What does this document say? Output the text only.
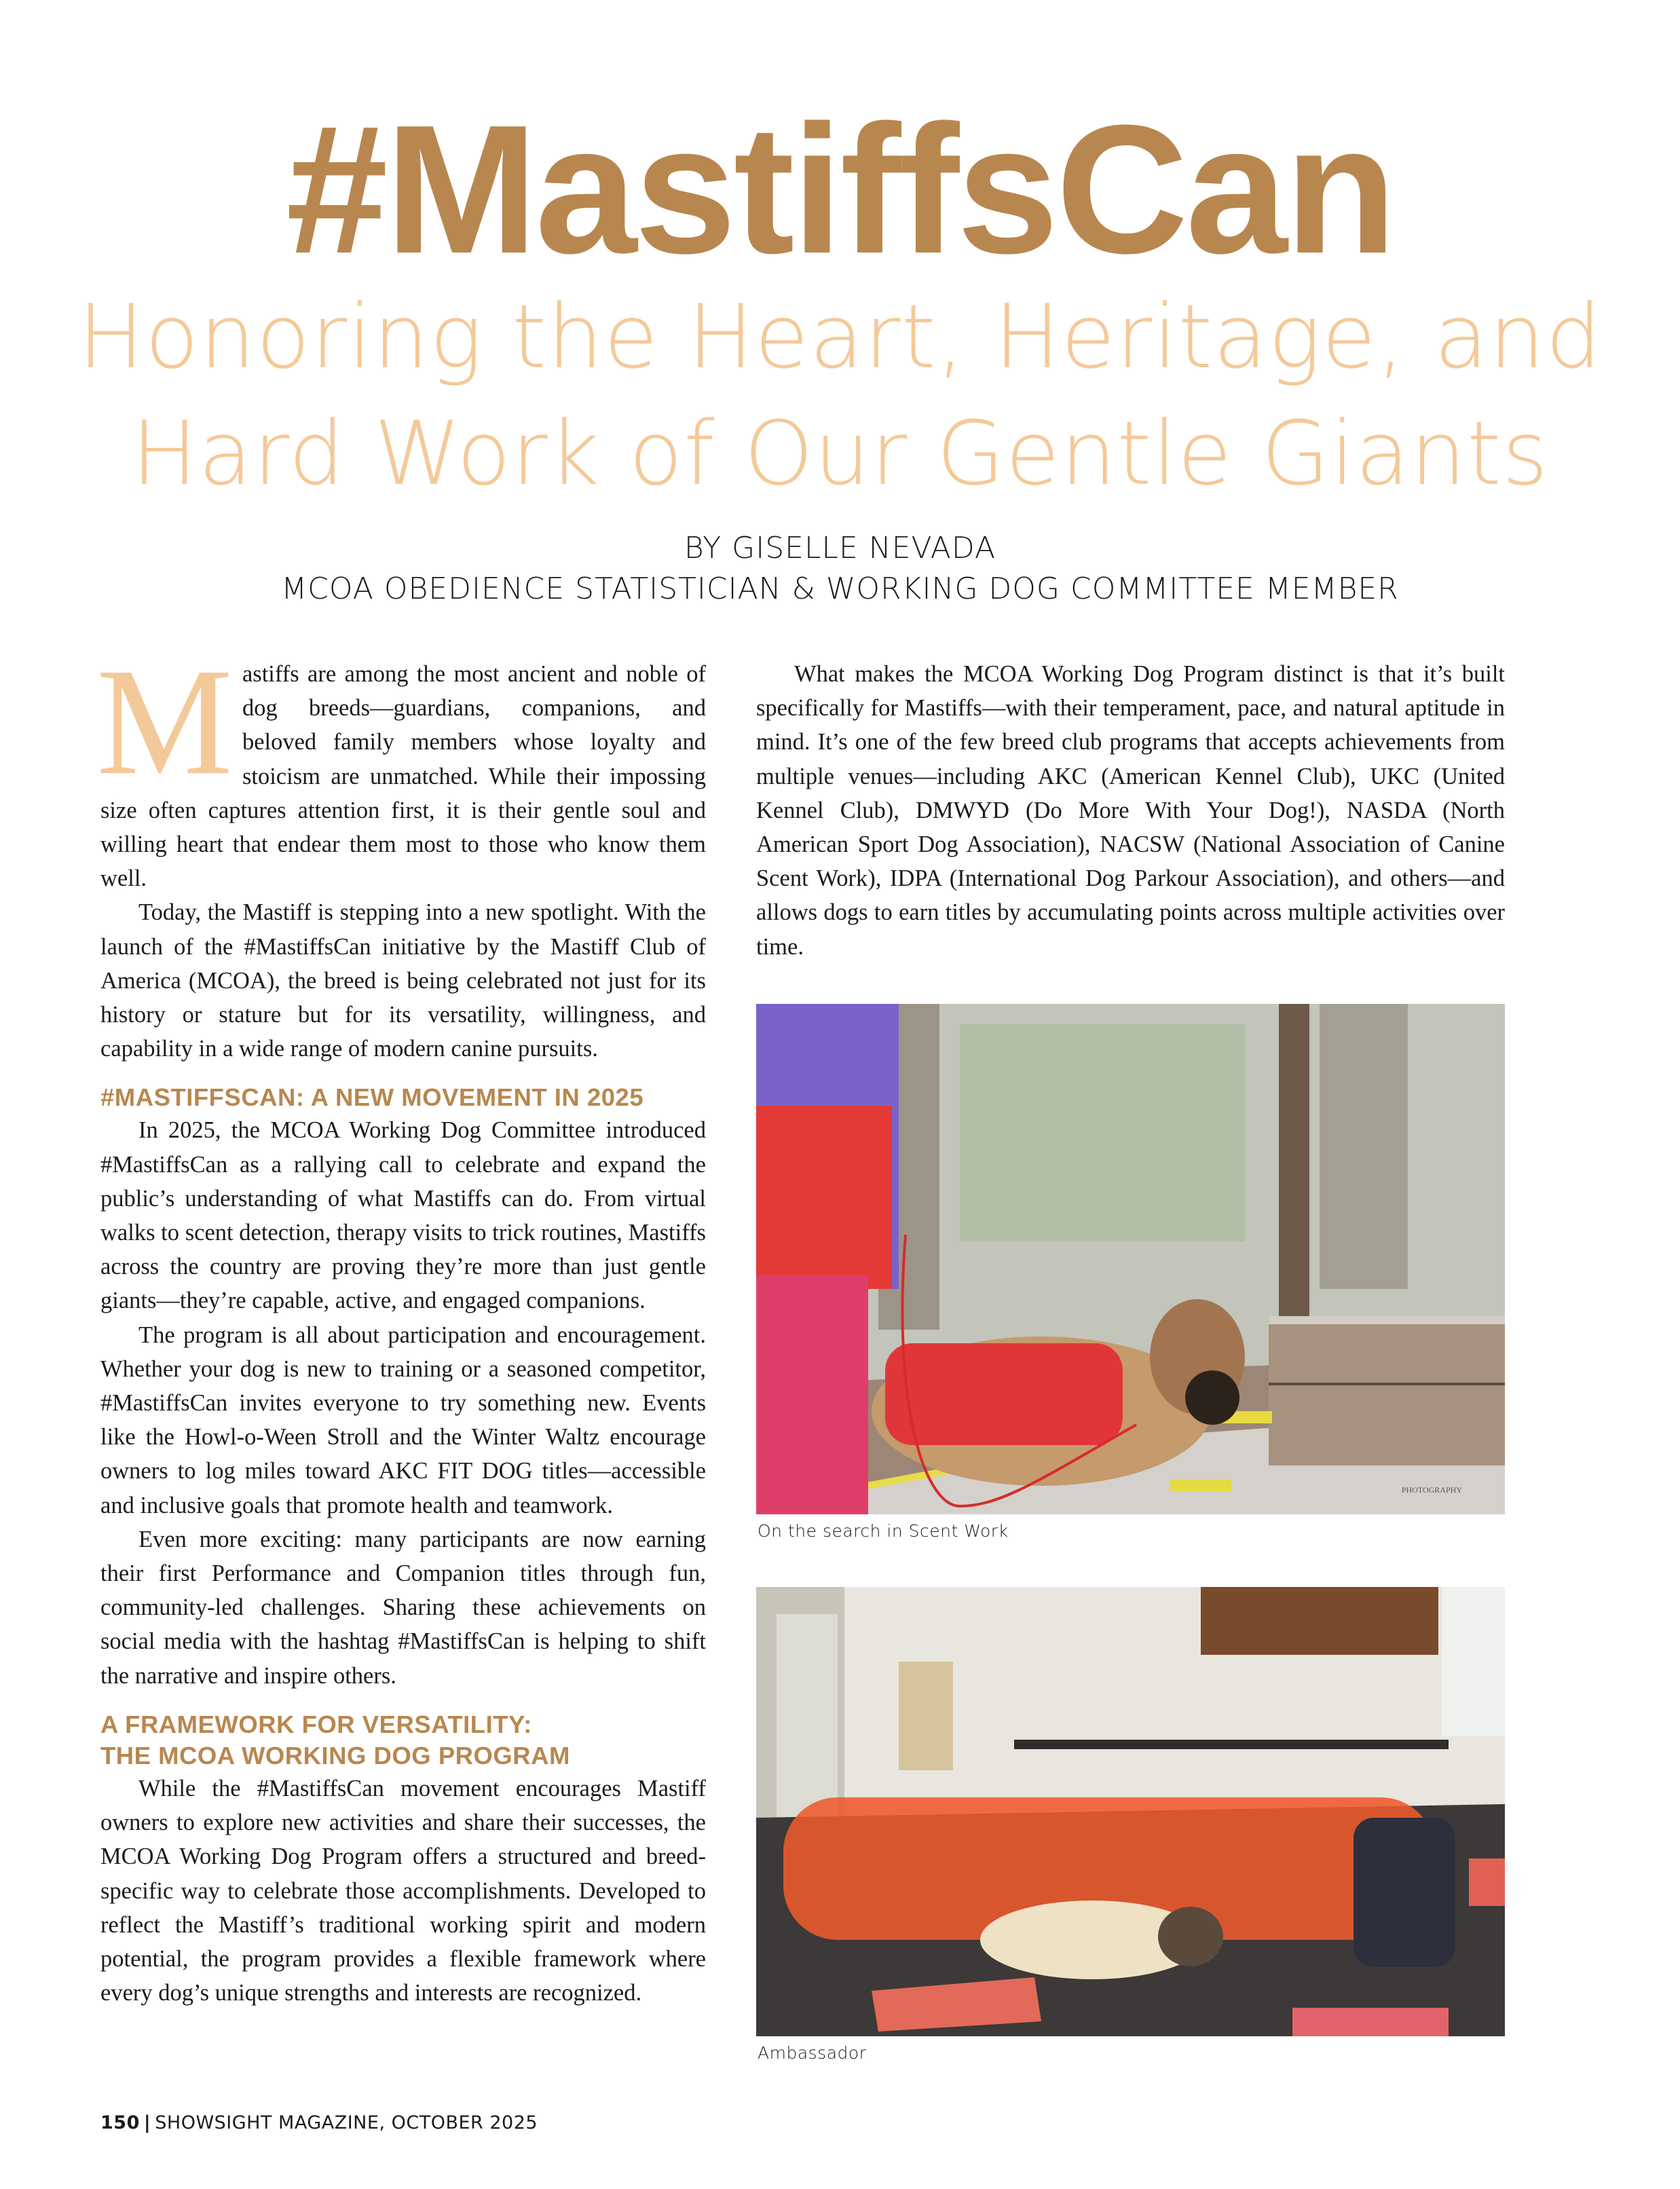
#MastiffsCan
Honoring the Heart, Heritage, and
Hard Work of Our Gentle Giants
BY GISELLE NEVADA
MCOA OBEDIENCE STATISTICIAN & WORKING DOG COMMITTEE MEMBER

Mastiffs are among the most ancient and noble of dog breeds—guardians, companions, and beloved family members whose loyalty and stoicism are unmatched. While their impossing size often captures attention first, it is their gentle soul and willing heart that endear them most to those who know them well.

Today, the Mastiff is stepping into a new spotlight. With the launch of the #MastiffsCan initiative by the Mastiff Club of America (MCOA), the breed is being celebrated not just for its history or stature but for its versatility, willingness, and capability in a wide range of modern canine pursuits.

#MASTIFFSCAN: A NEW MOVEMENT IN 2025

In 2025, the MCOA Working Dog Committee introduced #MastiffsCan as a rallying call to celebrate and expand the public’s understanding of what Mastiffs can do. From virtual walks to scent detection, therapy visits to trick routines, Mastiffs across the country are proving they’re more than just gentle giants—they’re capable, active, and engaged companions.

The program is all about participation and encouragement. Whether your dog is new to training or a seasoned competitor, #MastiffsCan invites everyone to try something new. Events like the Howl-o-Ween Stroll and the Winter Waltz encourage owners to log miles toward AKC FIT DOG titles—accessible and inclusive goals that promote health and teamwork.

Even more exciting: many participants are now earning their first Performance and Companion titles through fun, community-led challenges. Sharing these achievements on social media with the hashtag #MastiffsCan is helping to shift the narrative and inspire others.

A FRAMEWORK FOR VERSATILITY:
THE MCOA WORKING DOG PROGRAM

While the #MastiffsCan movement encourages Mastiff owners to explore new activities and share their successes, the MCOA Working Dog Program offers a structured and breed-specific way to celebrate those accomplishments. Developed to reflect the Mastiff’s traditional working spirit and modern potential, the program provides a flexible framework where every dog’s unique strengths and interests are recognized.

What makes the MCOA Working Dog Program distinct is that it’s built specifically for Mastiffs—with their temperament, pace, and natural aptitude in mind. It’s one of the few breed club programs that accepts achievements from multiple venues—including AKC (American Kennel Club), UKC (United Kennel Club), DMWYD (Do More With Your Dog!), NASDA (North American Sport Dog Association), NACSW (National Association of Canine Scent Work), IDPA (International Dog Parkour Association), and others—and allows dogs to earn titles by accumulating points across multiple activities over time.

PHOTOGRAPHY
On the search in Scent Work
Ambassador
150 | SHOWSIGHT MAGAZINE, OCTOBER 2025
